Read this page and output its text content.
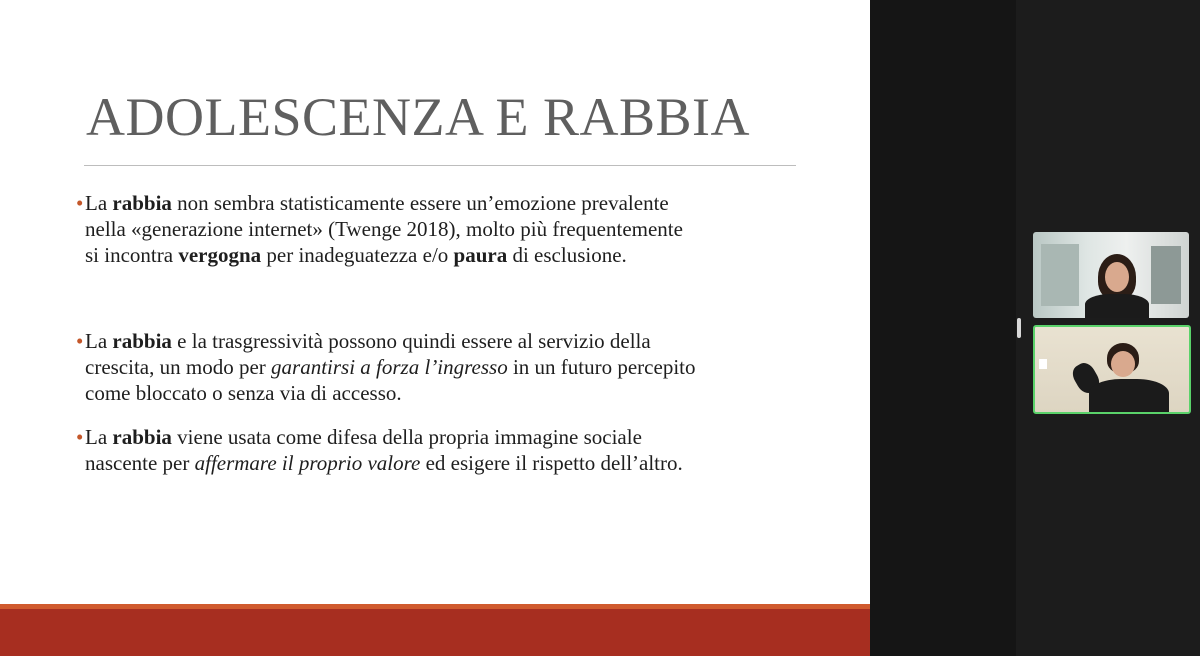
ADOLESCENZA E RABBIA
• La rabbia non sembra statisticamente essere un’emozione prevalente
nella «generazione internet» (Twenge 2018), molto più frequentemente
si incontra vergogna per inadeguatezza e/o paura di esclusione.
• La rabbia e la trasgressività possono quindi essere al servizio della
crescita, un modo per garantirsi a forza l’ingresso in un futuro percepito
come bloccato o senza via di accesso.
• La rabbia viene usata come difesa della propria immagine sociale
nascente per affermare il proprio valore ed esigere il rispetto dell’altro.
